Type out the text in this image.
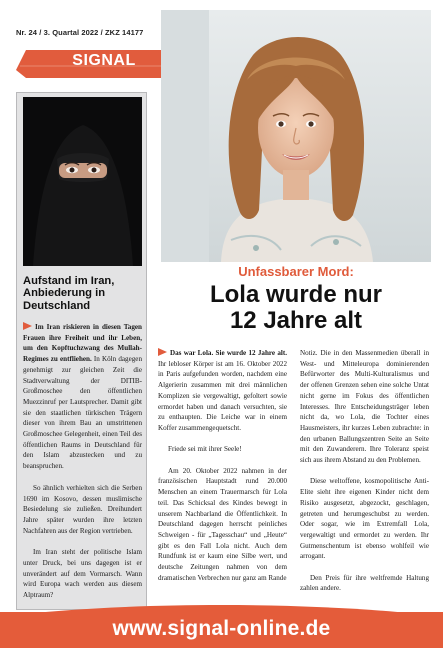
Nr. 24 / 3. Quartal 2022 / ZKZ 14177
SIGNAL
Aufstand im Iran, Anbiederung in Deutschland

Im Iran riskieren in diesen Tagen Frauen ihre Freiheit und ihr Leben, um den Kopftuchzwang des Mullah-Regimes zu entfliehen. In Köln dagegen genehmigt zur gleichen Zeit die Stadtverwaltung der DITIB-Großmoschee den öffentlichen Muezzinruf per Lautsprecher. Damit gibt sie den staatlichen türkischen Trägern dieser von ihrem Bau an umstrittenen Großmoschee Gelegenheit, einen Teil des öffentlichen Raums in Deutschland für den Islam abzustecken und zu beanspruchen.

So ähnlich verhielten sich die Serben 1690 im Kosovo, dessen muslimische Besiedelung sie zuließen. Dreihundert Jahre später wurden ihre letzten Nachfahren aus der Region vertrieben.

Im Iran steht der politische Islam unter Druck, bei uns dagegen ist er unverändert auf dem Vormarsch. Wann wird Europa wach werden aus diesem Alptraum?

Unfassbarer Mord:
Lola wurde nur
12 Jahre alt

Das war Lola. Sie wurde 12 Jahre alt. Ihr lebloser Körper ist am 16. Oktober 2022 in Paris aufgefunden worden, nachdem eine Algerierin zusammen mit drei männlichen Komplizen sie vergewaltigt, gefoltert sowie ermordet haben und danach versuchten, sie zu enthaupten. Die Leiche war in einem Koffer zusammengequetscht.

Friede sei mit ihrer Seele!

Am 20. Oktober 2022 nahmen in der französischen Hauptstadt rund 20.000 Menschen an einem Trauermarsch für Lola teil. Das Schicksal des Kindes bewegt in unserem Nachbarland die Öffentlichkeit. In Deutschland dagegen herrscht peinliches Schweigen - für „Tagesschau“ und „Heute“ gibt es den Fall Lola nicht. Auch dem Rundfunk ist er kaum eine Silbe wert, und deutsche Zeitungen nahmen von dem dramatischen Verbrechen nur ganz am Rande

Notiz. Die in den Massenmedien überall in West- und Mitteleuropa dominierenden Befürworter des Multi-Kulturalismus und der offenen Grenzen sehen eine solche Untat nicht gerne im Fokus des öffentlichen Interesses. Ihre Entscheidungsträger leben nicht da, wo Lola, die Tochter eines Hausmeisters, ihr kurzes Leben zubrachte: in den urbanen Ballungszentren Seite an Seite mit den Zuwanderern. Ihre Toleranz speist sich aus ihrem Abstand zu den Problemen.

Diese weltoffene, kosmopolitische Anti-Elite sieht ihre eigenen Kinder nicht dem Risiko ausgesetzt, abgezockt, geschlagen, getreten und herumgeschubst zu werden. Oder sogar, wie im Extremfall Lola, vergewaltigt und ermordet zu werden. Ihr Gutmenschentum ist ebenso wohlfeil wie arrogant.

Den Preis für ihre weltfremde Haltung zahlen andere.

www.signal-online.de
